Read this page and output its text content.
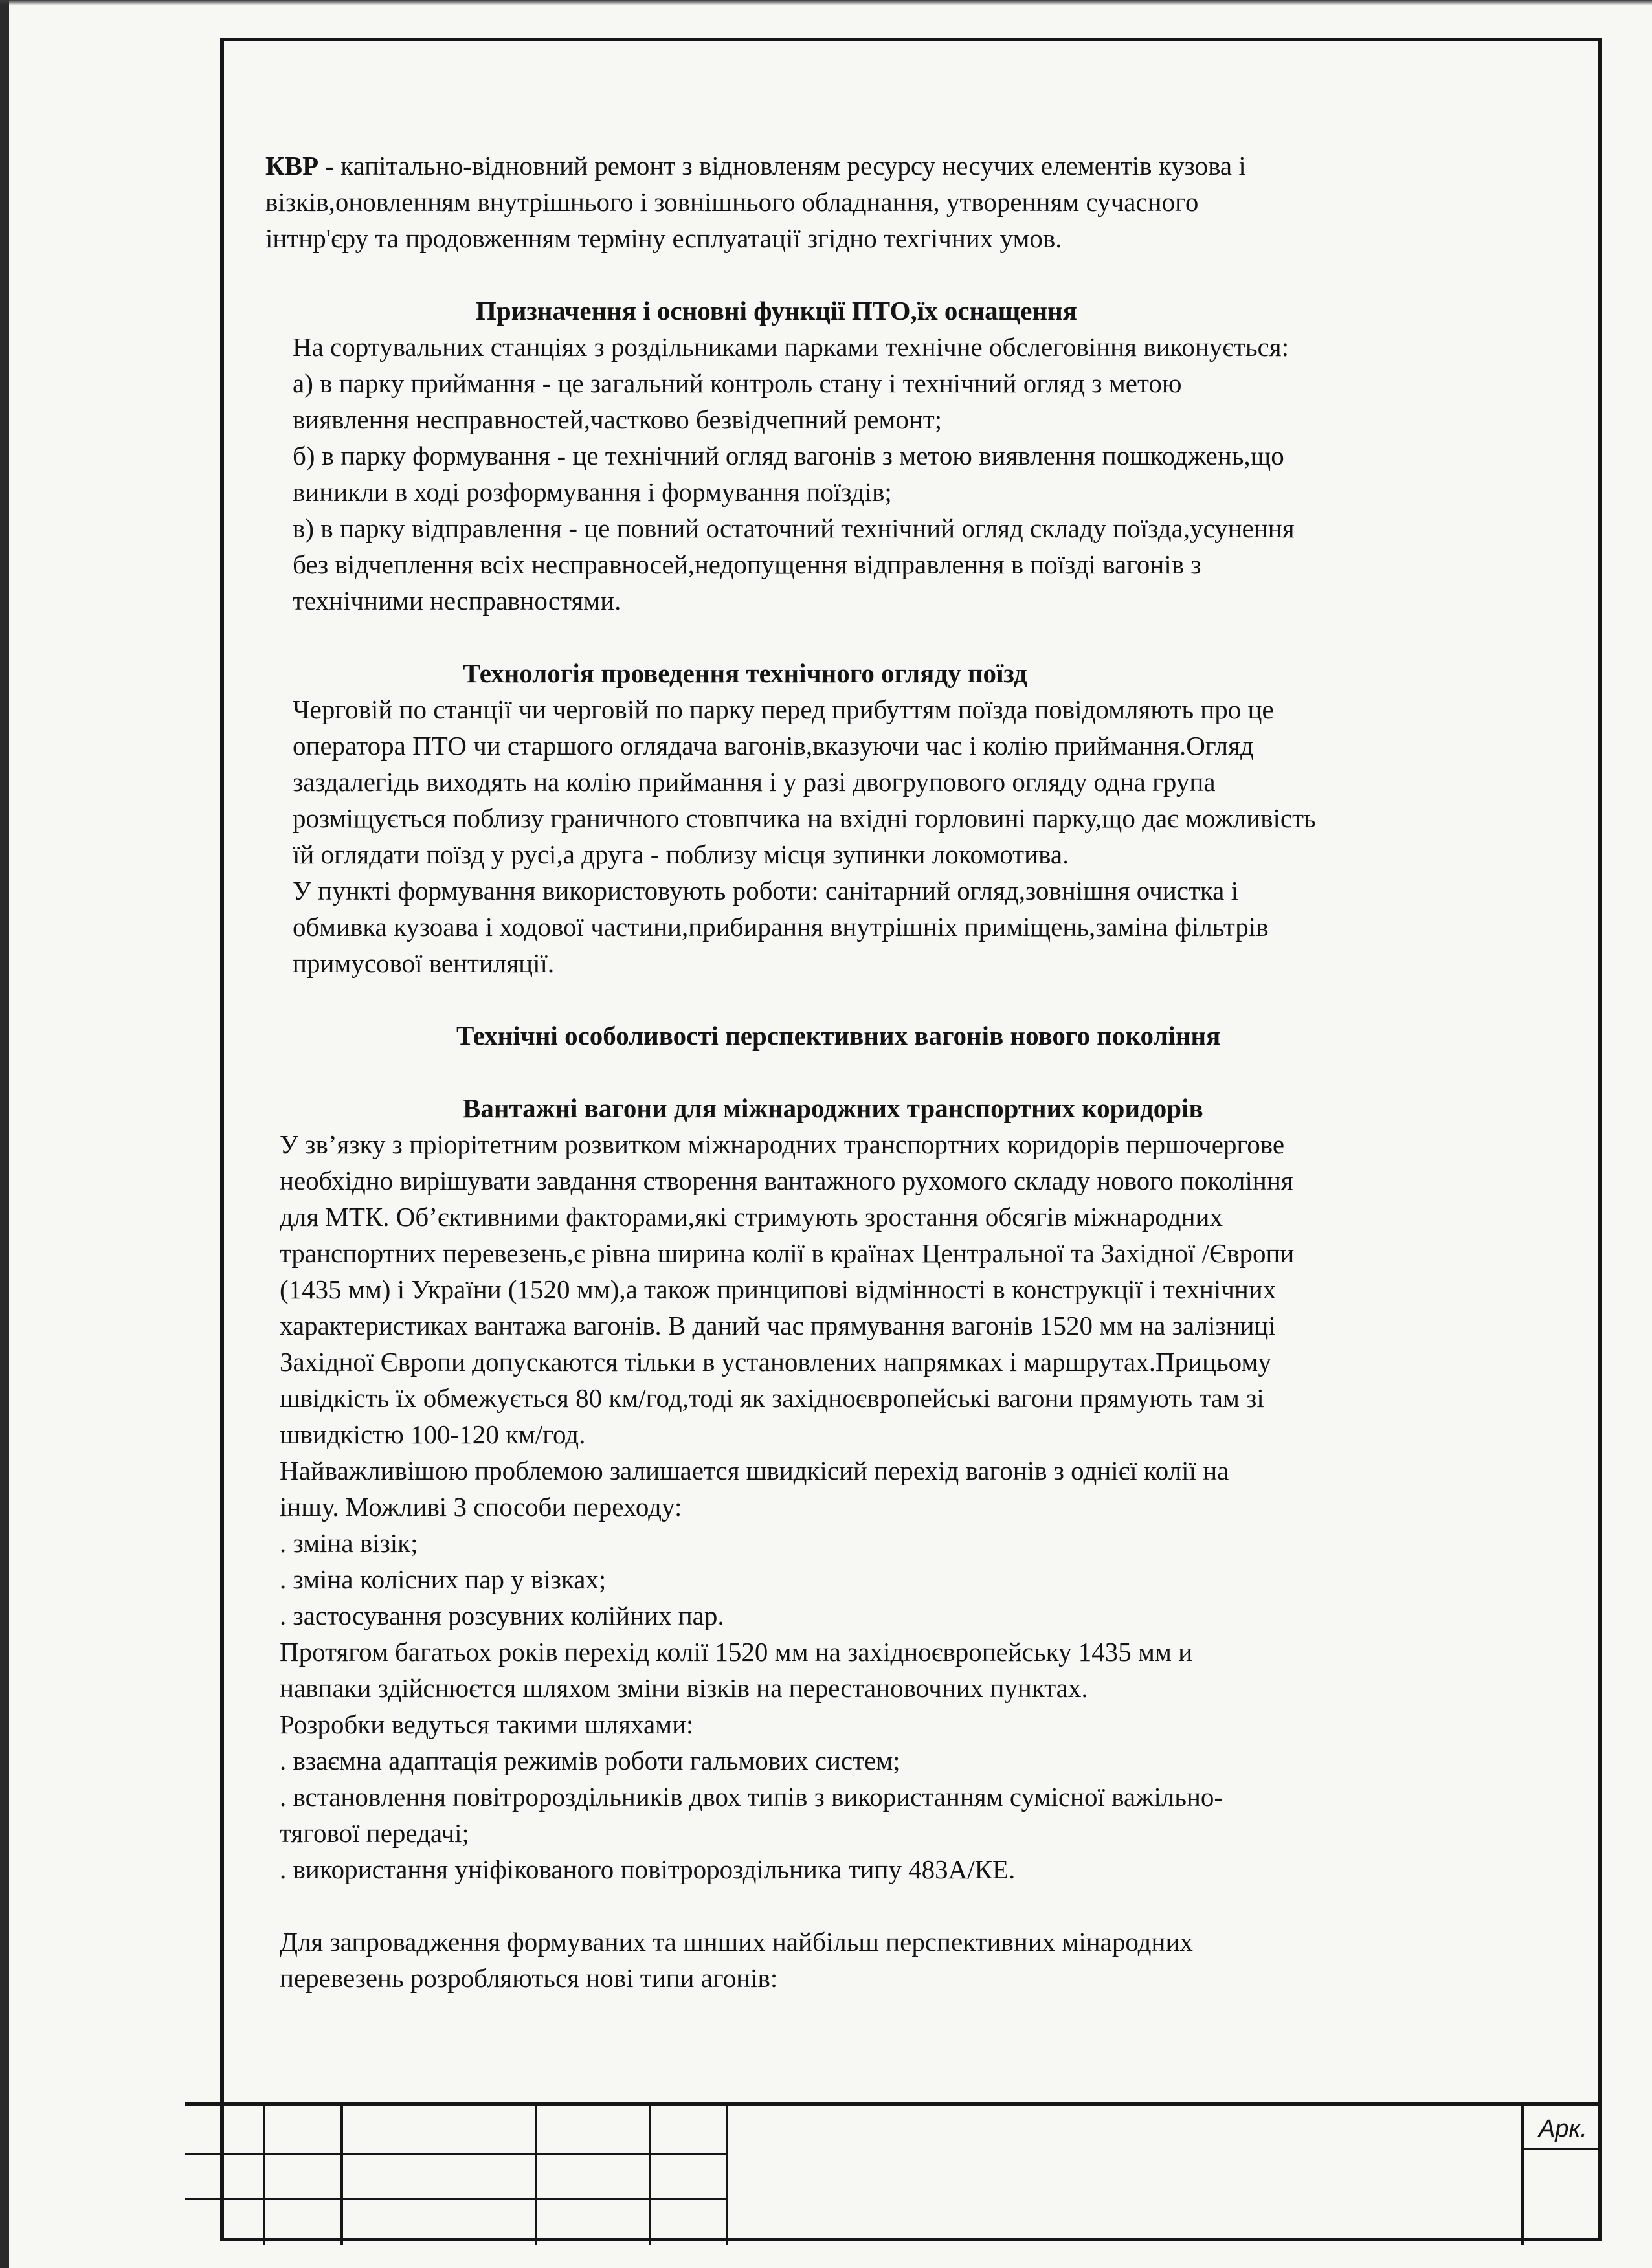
КВР - капітально-відновний ремонт з відновленям ресурсу несучих елементів кузова і
візків,оновленням внутрішнього і зовнішнього обладнання, утворенням сучасного
інтнр'єру та продовженням терміну есплуатації згідно техгічних умов.
Призначення і основні функції ПТО,їх оснащення
На сортувальних станціях з роздільниками парками технічне обслеговіння виконується:
а) в парку приймання - це загальний контроль стану і технічний огляд з метою
виявлення несправностей,частково безвідчепний ремонт;
б) в парку формування - це технічний огляд вагонів з метою виявлення пошкоджень,що
виникли в ході розформування і формування поїздів;
в) в парку відправлення - це повний остаточний технічний огляд складу поїзда,усунення
без відчеплення всіх несправносей,недопущення відправлення в поїзді вагонів з
технічними несправностями.
Технологія проведення технічного огляду поїзд
Черговій по станції чи черговій по парку перед прибуттям поїзда повідомляють про це
оператора ПТО чи старшого оглядача вагонів,вказуючи час і колію приймання.Огляд
заздалегідь виходять на колію приймання і у разі двогрупового огляду одна група
розміщується поблизу граничного стовпчика на вхідні горловині парку,що дає можливість
їй оглядати поїзд у русі,а друга - поблизу місця зупинки локомотива.
У пункті формування використовують роботи: санітарний огляд,зовнішня очистка і
обмивка кузоава і ходової частини,прибирання внутрішніх приміщень,заміна фільтрів
примусової вентиляції.
Технічні особоливості перспективних вагонів нового покоління
Вантажні вагони для міжнароджних транспортних коридорів
У зв’язку з пріорітетним розвитком міжнародних транспортних коридорів першочергове
необхідно вирішувати завдання створення вантажного рухомого складу нового покоління
для МТК. Об’єктивними факторами,які стримують зростання обсягів міжнародних
транспортних перевезень,є рівна ширина колії в країнах Центральної та Західної /Європи
(1435 мм) і України (1520 мм),а також принципові відмінності в конструкції і технічних
характеристиках вантажа вагонів. В даний час прямування вагонів 1520 мм на залізниці
Західної Європи допускаются тільки в установлених напрямках і маршрутах.Прицьому
швідкість їх обмежується 80 км/год,тоді як західноєвропейські вагони прямують там зі
швидкістю 100-120 км/год.
Найважливішою проблемою залишается швидкісий перехід вагонів з однієї колії на
іншу. Можливі 3 способи переходу:
. зміна візік;
. зміна колісних пар у візках;
. застосування розсувних колійних пар.
Протягом багатьох років перехід колії 1520 мм на західноєвропейську 1435 мм и
навпаки здійснюєтся шляхом зміни візків на перестановочних пунктах.
Розробки ведуться такими шляхами:
. взаємна адаптація режимів роботи гальмових систем;
. встановлення повітророздільників двох типів з використанням сумісної важільно-
тягової передачі;
. використання уніфікованого повітророздільника типу 483А/КЕ.
Для запровадження формуваних та шнших найбільш перспективних мінародних
перевезень розробляються нові типи агонів:
Арк.
